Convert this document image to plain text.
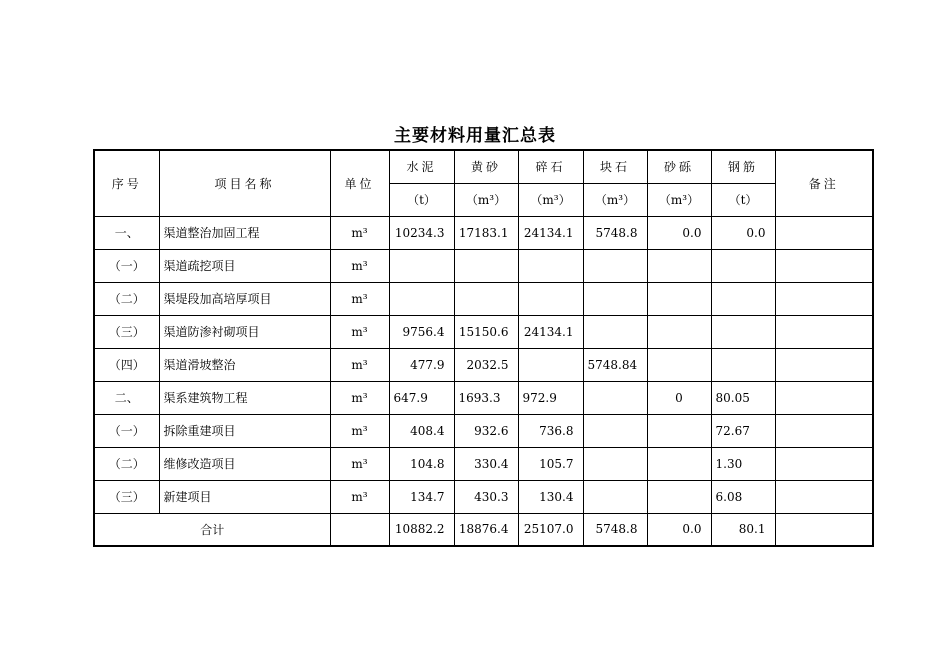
主要材料用量汇总表
序号	项目名称	单位	水泥	黄砂	碎石	块石	砂砾	钢筋	备注
			（t）	（m³）	（m³）	（m³）	（m³）	（t）	
一、	渠道整治加固工程	m³	10234.3	17183.1	24134.1	5748.8	0.0	0.0	
（一）	渠道疏挖项目	m³							
（二）	渠堤段加高培厚项目	m³							
（三）	渠道防渗衬砌项目	m³	9756.4	15150.6	24134.1				
（四）	渠道滑坡整治	m³	477.9	2032.5		5748.84			
二、	渠系建筑物工程	m³	647.9	1693.3	972.9		0	80.05	
（一）	拆除重建项目	m³	408.4	932.6	736.8			72.67	
（二）	维修改造项目	m³	104.8	330.4	105.7			1.30	
（三）	新建项目	m³	134.7	430.3	130.4			6.08	
合计			10882.2	18876.4	25107.0	5748.8	0.0	80.1	
